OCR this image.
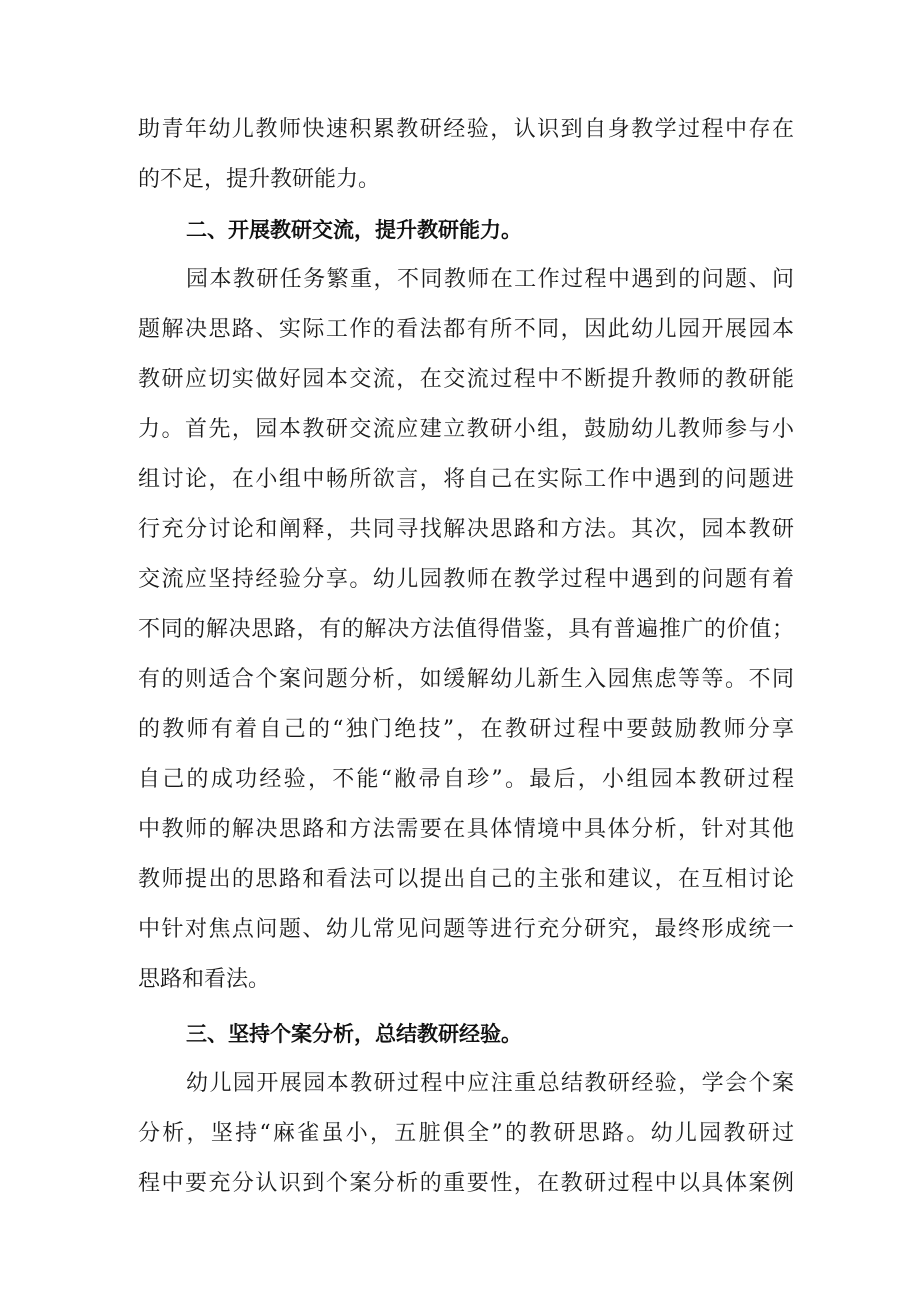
助青年幼儿教师快速积累教研经验，认识到自身教学过程中存在
的不足，提升教研能力。
二、开展教研交流，提升教研能力。
园本教研任务繁重，不同教师在工作过程中遇到的问题、问
题解决思路、实际工作的看法都有所不同，因此幼儿园开展园本
教研应切实做好园本交流，在交流过程中不断提升教师的教研能
力。首先，园本教研交流应建立教研小组，鼓励幼儿教师参与小
组讨论，在小组中畅所欲言，将自己在实际工作中遇到的问题进
行充分讨论和阐释，共同寻找解决思路和方法。其次，园本教研
交流应坚持经验分享。幼儿园教师在教学过程中遇到的问题有着
不同的解决思路，有的解决方法值得借鉴，具有普遍推广的价值；
有的则适合个案问题分析，如缓解幼儿新生入园焦虑等等。不同
的教师有着自己的“独门绝技”，在教研过程中要鼓励教师分享
自己的成功经验，不能“敝帚自珍”。最后，小组园本教研过程
中教师的解决思路和方法需要在具体情境中具体分析，针对其他
教师提出的思路和看法可以提出自己的主张和建议，在互相讨论
中针对焦点问题、幼儿常见问题等进行充分研究，最终形成统一
思路和看法。
三、坚持个案分析，总结教研经验。
幼儿园开展园本教研过程中应注重总结教研经验，学会个案
分析，坚持“麻雀虽小，五脏俱全”的教研思路。幼儿园教研过
程中要充分认识到个案分析的重要性，在教研过程中以具体案例
